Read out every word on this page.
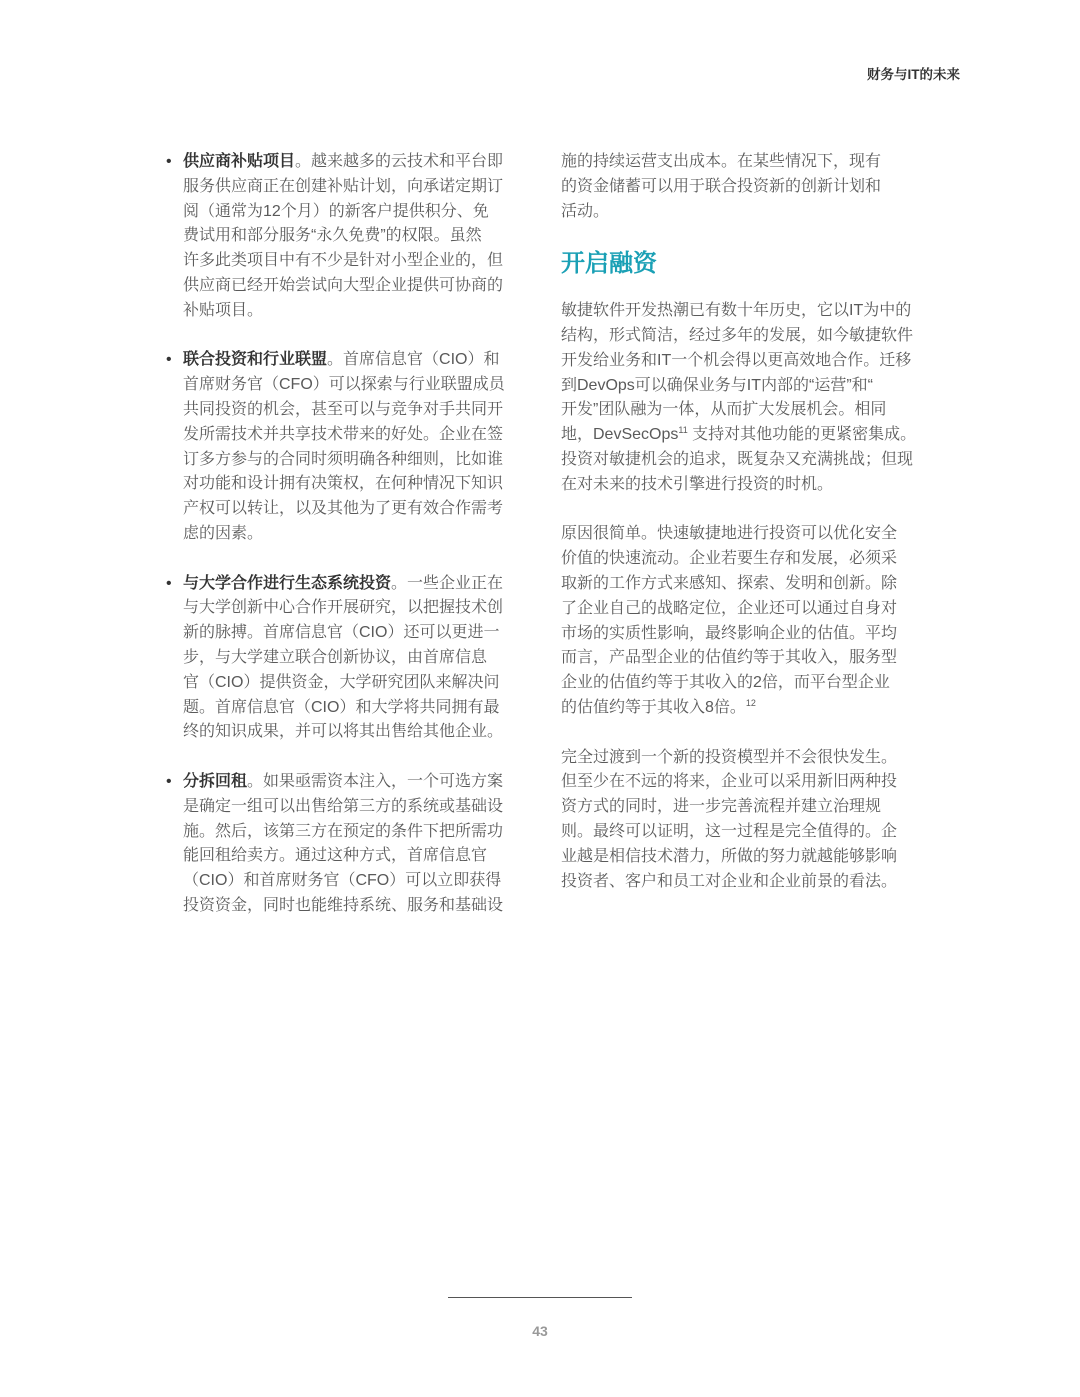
财务与IT的未来
• 供应商补贴项目。越来越多的云技术和平台即
服务供应商正在创建补贴计划，向承诺定期订
阅（通常为12个月）的新客户提供积分、免
费试用和部分服务“永久免费”的权限。虽然
许多此类项目中有不少是针对小型企业的，但
供应商已经开始尝试向大型企业提供可协商的
补贴项目。
• 联合投资和行业联盟。首席信息官（CIO）和
首席财务官（CFO）可以探索与行业联盟成员
共同投资的机会，甚至可以与竞争对手共同开
发所需技术并共享技术带来的好处。企业在签
订多方参与的合同时须明确各种细则，比如谁
对功能和设计拥有决策权，在何种情况下知识
产权可以转让，以及其他为了更有效合作需考
虑的因素。
• 与大学合作进行生态系统投资。一些企业正在
与大学创新中心合作开展研究，以把握技术创
新的脉搏。首席信息官（CIO）还可以更进一
步，与大学建立联合创新协议，由首席信息
官（CIO）提供资金，大学研究团队来解决问
题。首席信息官（CIO）和大学将共同拥有最
终的知识成果，并可以将其出售给其他企业。
• 分拆回租。如果亟需资本注入，一个可选方案
是确定一组可以出售给第三方的系统或基础设
施。然后，该第三方在预定的条件下把所需功
能回租给卖方。通过这种方式，首席信息官
（CIO）和首席财务官（CFO）可以立即获得
投资资金，同时也能维持系统、服务和基础设
施的持续运营支出成本。在某些情况下，现有
的资金储蓄可以用于联合投资新的创新计划和
活动。
开启融资
敏捷软件开发热潮已有数十年历史，它以IT为中的
结构，形式简洁，经过多年的发展，如今敏捷软件
开发给业务和IT一个机会得以更高效地合作。迁移
到DevOps可以确保业务与IT内部的“运营”和“
开发”团队融为一体，从而扩大发展机会。相同
地，DevSecOps$^{11}$ 支持对其他功能的更紧密集成。
投资对敏捷机会的追求，既复杂又充满挑战；但现
在对未来的技术引擎进行投资的时机。
原因很简单。快速敏捷地进行投资可以优化安全
价值的快速流动。企业若要生存和发展，必须采
取新的工作方式来感知、探索、发明和创新。除
了企业自己的战略定位，企业还可以通过自身对
市场的实质性影响，最终影响企业的估值。平均
而言，产品型企业的估值约等于其收入，服务型
企业的估值约等于其收入的2倍，而平台型企业
的估值约等于其收入8倍。$^{12}$
完全过渡到一个新的投资模型并不会很快发生。
但至少在不远的将来，企业可以采用新旧两种投
资方式的同时，进一步完善流程并建立治理规
则。最终可以证明，这一过程是完全值得的。企
业越是相信技术潜力，所做的努力就越能够影响
投资者、客户和员工对企业和企业前景的看法。
43
